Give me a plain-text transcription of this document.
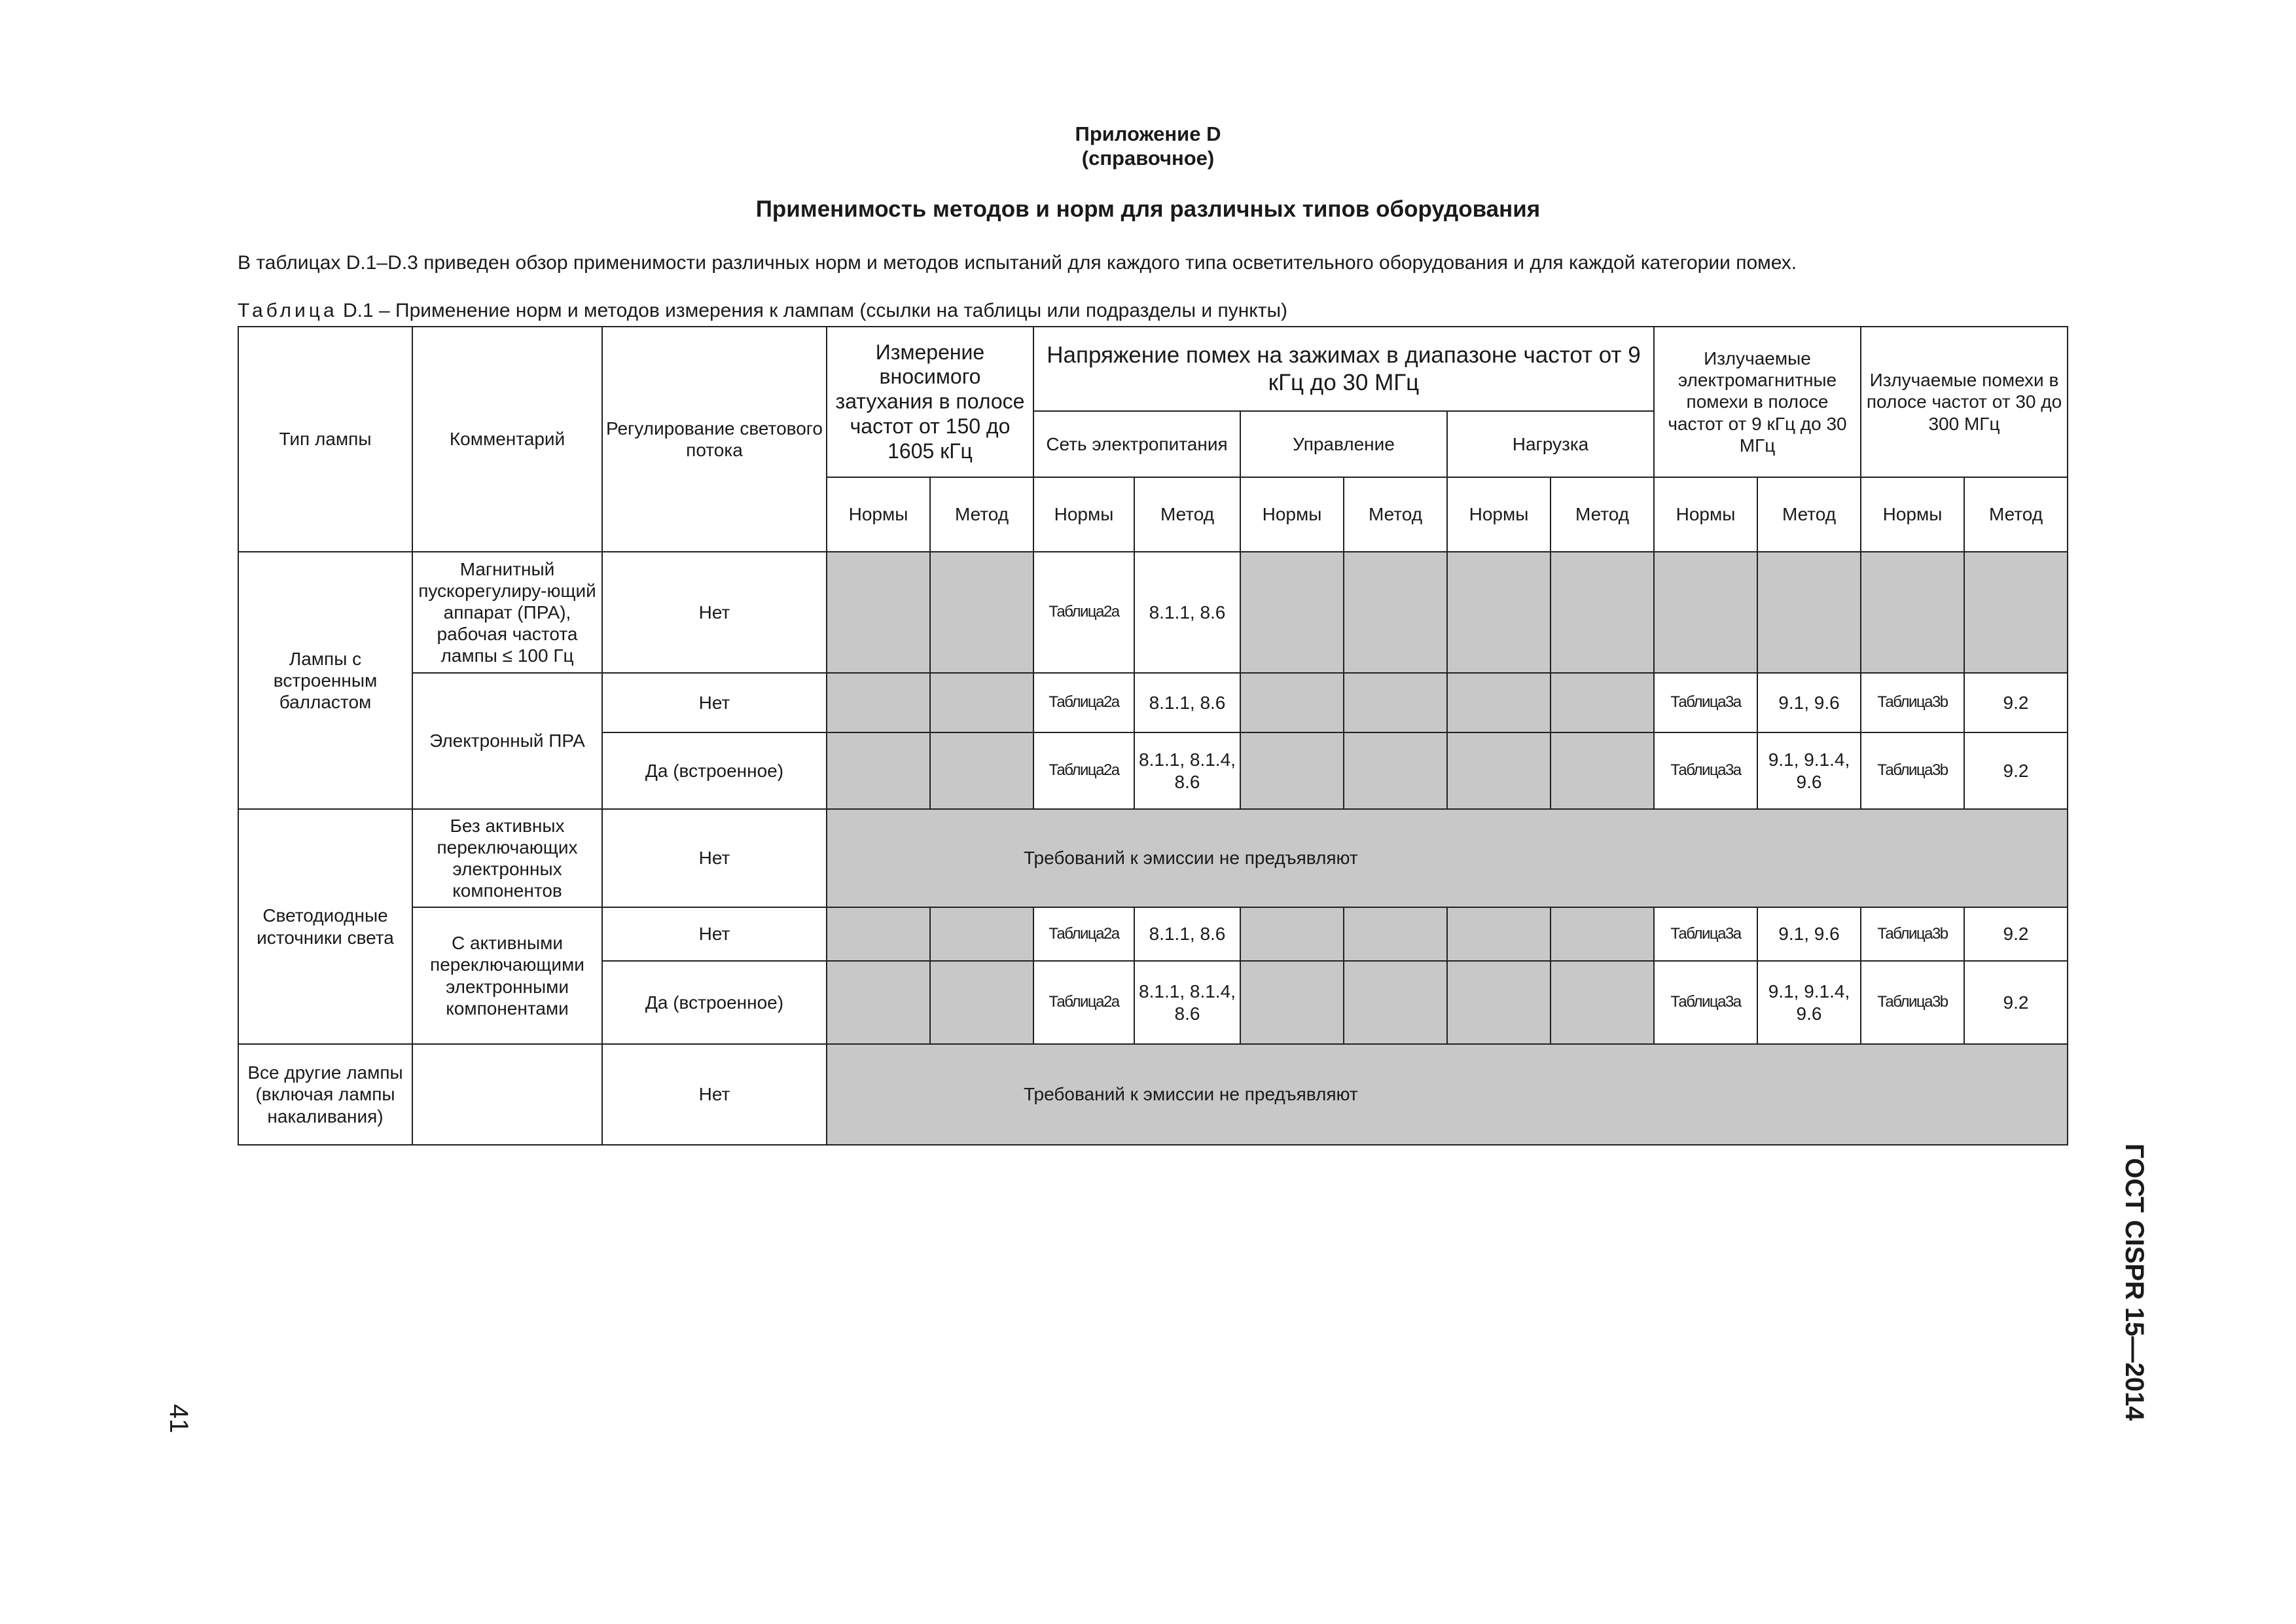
Приложение D
(справочное)
Применимость методов и норм для различных типов оборудования
В таблицах D.1–D.3 приведен обзор применимости различных норм и методов испытаний для каждого типа осветительного оборудования и для каждой категории помех.
Таблица D.1 – Применение норм и методов измерения к лампам (ссылки на таблицы или подразделы и пункты)
Тип лампы	Комментарий	Регулирование светового потока	Измерение вносимого затухания в полосе частот от 150 до 1605 кГц		Напряжение помех на зажимах в диапазоне частот от 9 кГц до 30 МГц						Излучаемые электромагнитные помехи в полосе частот от 9 кГц до 30 МГц		Излучаемые помехи в полосе частот от 30 до 300 МГц	
					Сеть электропитания		Управление		Нагрузка					
			Нормы	Метод	Нормы	Метод	Нормы	Метод	Нормы	Метод	Нормы	Метод	Нормы	Метод
Лампы с встроенным балластом	Магнитный пускорегулиру-ющий аппарат (ПРА), рабочая частота лампы ≤ 100 Гц	Нет			Таблица2а	8.1.1, 8.6								
	Электронный ПРА	Нет			Таблица2а	8.1.1, 8.6					Таблица3а	9.1, 9.6	Таблица3b	9.2
		Да (встроенное)			Таблица2а	8.1.1, 8.1.4, 8.6					Таблица3а	9.1, 9.1.4, 9.6	Таблица3b	9.2
Светодиодные источники света	Без активных переключающих электронных компонентов	Нет	Требований к эмиссии не предъявляют											
	С активными переключающими электронными компонентами	Нет			Таблица2а	8.1.1, 8.6					Таблица3а	9.1, 9.6	Таблица3b	9.2
		Да (встроенное)			Таблица2а	8.1.1, 8.1.4, 8.6					Таблица3а	9.1, 9.1.4, 9.6	Таблица3b	9.2
Все другие лампы (включая лампы накаливания)		Нет	Требований к эмиссии не предъявляют											
ГОСТ CISPR 15—2014
41
